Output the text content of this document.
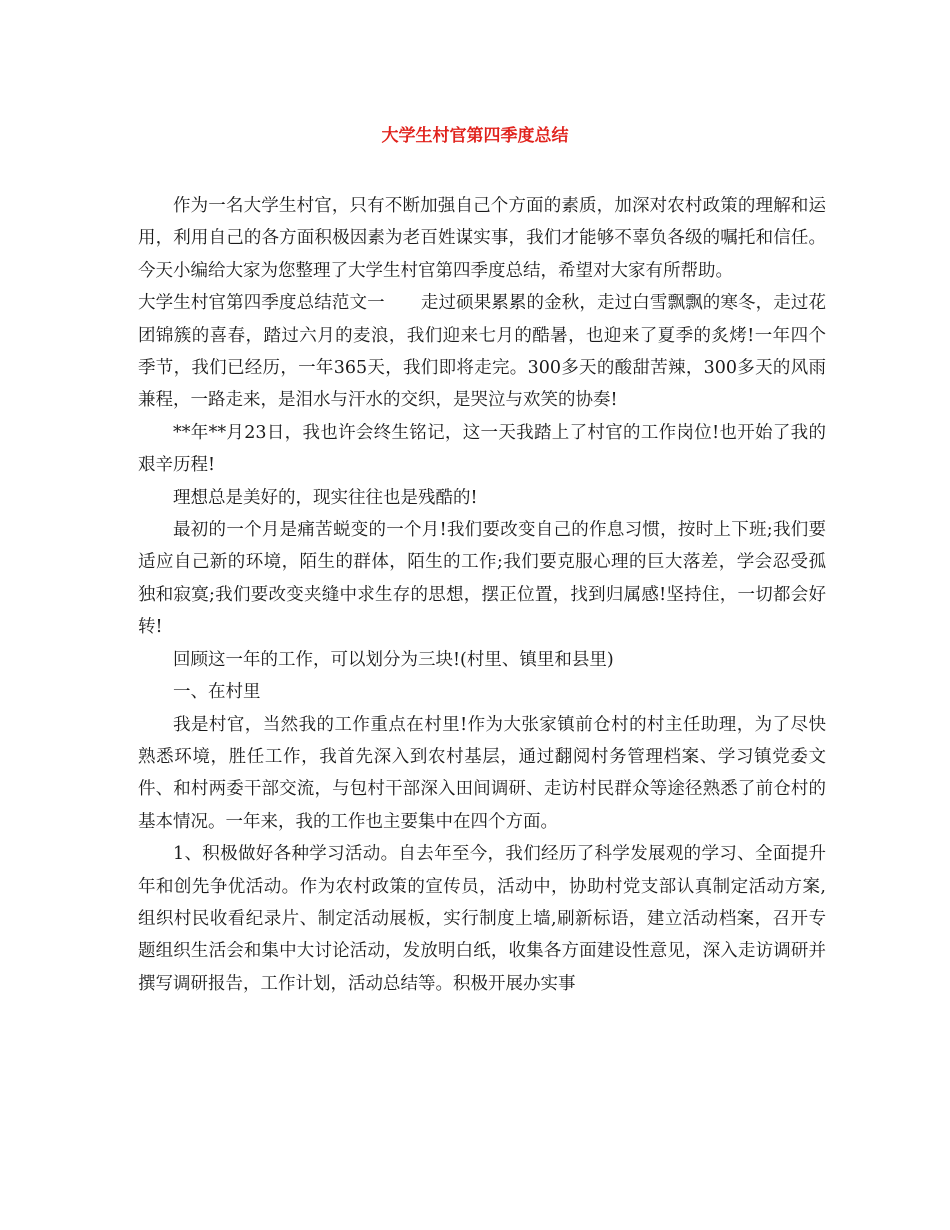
大学生村官第四季度总结

作为一名大学生村官，只有不断加强自己个方面的素质，加深对农村政策的理解和运用，利用自己的各方面积极因素为老百姓谋实事，我们才能够不辜负各级的嘱托和信任。今天小编给大家为您整理了大学生村官第四季度总结，希望对大家有所帮助。

大学生村官第四季度总结范文一 走过硕果累累的金秋，走过白雪飘飘的寒冬，走过花团锦簇的喜春，踏过六月的麦浪，我们迎来七月的酷暑，也迎来了夏季的炙烤!一年四个季节，我们已经历，一年365天，我们即将走完。300多天的酸甜苦辣，300多天的风雨兼程，一路走来，是泪水与汗水的交织，是哭泣与欢笑的协奏!

**年**月23日，我也许会终生铭记，这一天我踏上了村官的工作岗位!也开始了我的艰辛历程!

理想总是美好的，现实往往也是残酷的!

最初的一个月是痛苦蜕变的一个月!我们要改变自己的作息习惯，按时上下班;我们要适应自己新的环境，陌生的群体，陌生的工作;我们要克服心理的巨大落差，学会忍受孤独和寂寞;我们要改变夹缝中求生存的思想，摆正位置，找到归属感!坚持住，一切都会好转!

回顾这一年的工作，可以划分为三块!(村里、镇里和县里)

一、在村里

我是村官，当然我的工作重点在村里!作为大张家镇前仓村的村主任助理，为了尽快熟悉环境，胜任工作，我首先深入到农村基层，通过翻阅村务管理档案、学习镇党委文件、和村两委干部交流，与包村干部深入田间调研、走访村民群众等途径熟悉了前仓村的基本情况。一年来，我的工作也主要集中在四个方面。

1、积极做好各种学习活动。自去年至今，我们经历了科学发展观的学习、全面提升年和创先争优活动。作为农村政策的宣传员，活动中，协助村党支部认真制定活动方案,组织村民收看纪录片、制定活动展板，实行制度上墙,刷新标语，建立活动档案，召开专题组织生活会和集中大讨论活动，发放明白纸，收集各方面建设性意见，深入走访调研并撰写调研报告，工作计划，活动总结等。积极开展办实事
